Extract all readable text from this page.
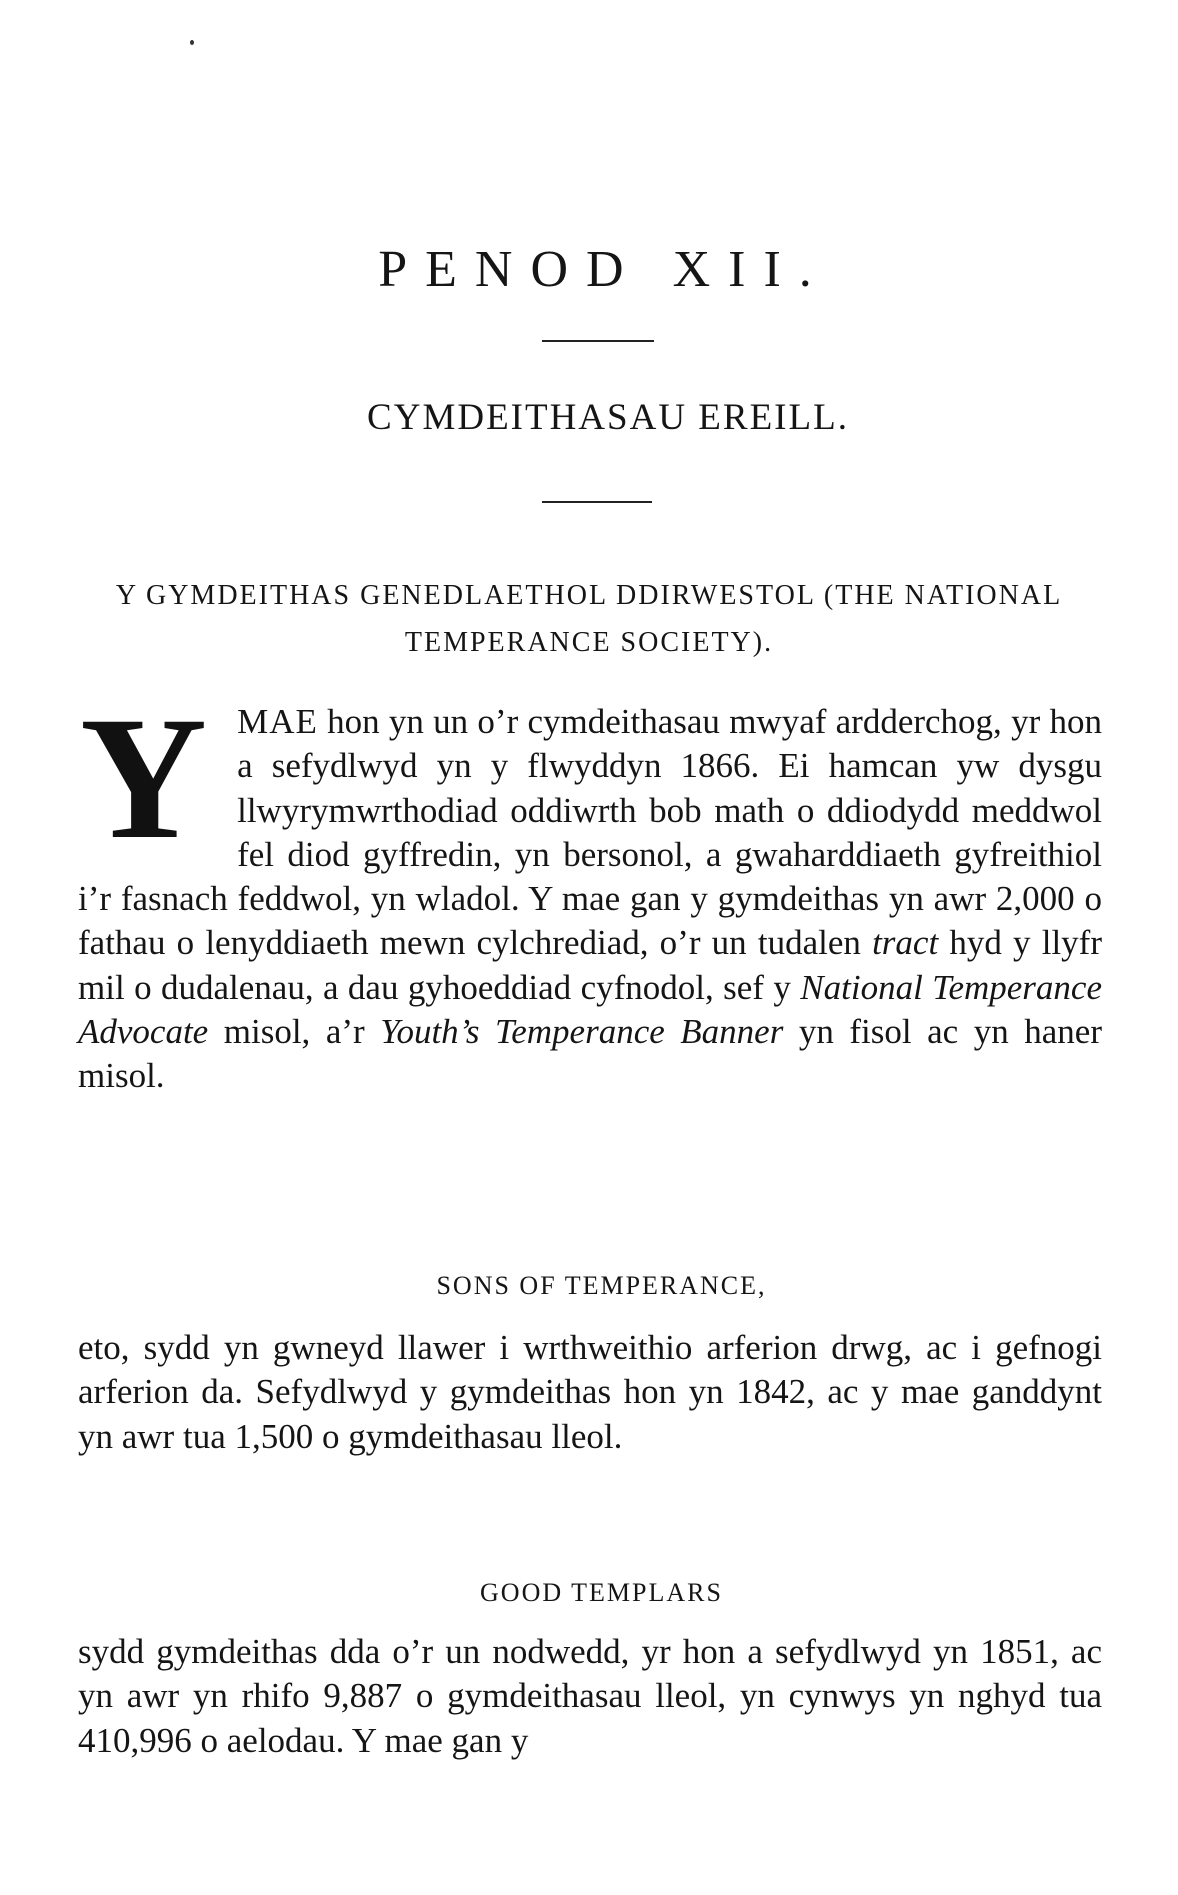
PENOD XII.
CYMDEITHASAU EREILL.
Y GYMDEITHAS GENEDLAETHOL DDIRWESTOL (THE NATIONAL TEMPERANCE SOCIETY).

YMAE hon yn un o’r cymdeithasau mwyaf ardderchog, yr hon a sefydlwyd yn y flwyddyn 1866. Ei hamcan yw dysgu llwyrymwrthodiad oddiwrth bob math o ddiodydd meddwol fel diod gyffredin, yn bersonol, a gwaharddiaeth gyfreithiol i’r fasnach feddwol, yn wladol. Y mae gan y gymdeithas yn awr 2,000 o fathau o lenyddiaeth mewn cylchrediad, o’r un tudalen tract hyd y llyfr mil o dudalenau, a dau gyhoeddiad cyfnodol, sef y National Temperance Advocate misol, a’r Youth’s Temperance Banner yn fisol ac yn haner misol.

SONS OF TEMPERANCE,

eto, sydd yn gwneyd llawer i wrthweithio arferion drwg, ac i gefnogi arferion da. Sefydlwyd y gymdeithas hon yn 1842, ac y mae ganddynt yn awr tua 1,500 o gymdeithasau lleol.

GOOD TEMPLARS

sydd gymdeithas dda o’r un nodwedd, yr hon a sefydlwyd yn 1851, ac yn awr yn rhifo 9,887 o gymdeithasau lleol, yn cynwys yn nghyd tua 410,996 o aelodau. Y mae gan y
